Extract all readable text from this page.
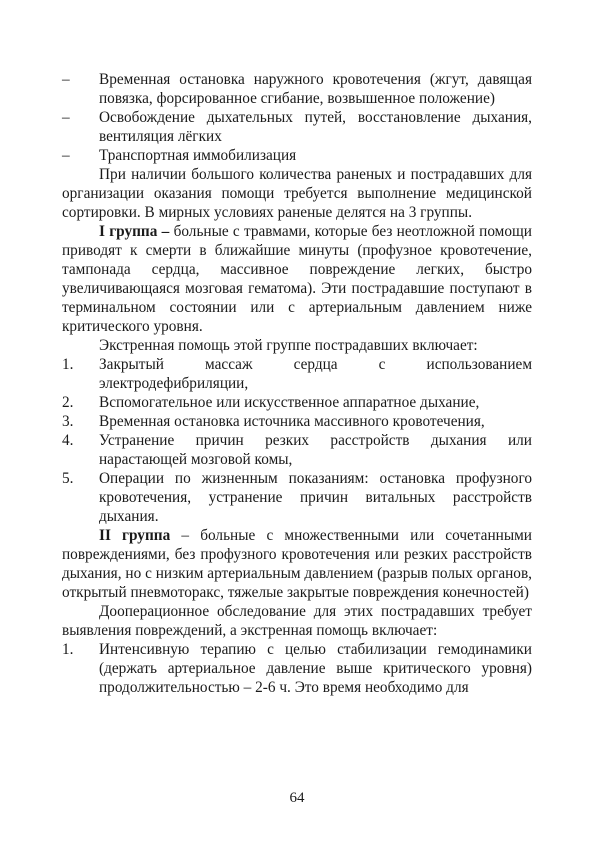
– Временная остановка наружного кровотечения (жгут, давящая повязка, форсированное сгибание, возвышенное положение)
– Освобождение дыхательных путей, восстановление дыхания, вентиляция лёгких
– Транспортная иммобилизация
При наличии большого количества раненых и пострадавших для организации оказания помощи требуется выполнение медицинской сортировки. В мирных условиях раненые делятся на 3 группы.
I группа – больные с травмами, которые без неотложной помощи приводят к смерти в ближайшие минуты (профузное кровотечение, тампонада сердца, массивное повреждение легких, быстро увеличивающаяся мозговая гематома). Эти пострадавшие поступают в терминальном состоянии или с артериальным давлением ниже критического уровня.
Экстренная помощь этой группе пострадавших включает:
1. Закрытый массаж сердца с использованием электродефибриляции,
2. Вспомогательное или искусственное аппаратное дыхание,
3. Временная остановка источника массивного кровотечения,
4. Устранение причин резких расстройств дыхания или нарастающей мозговой комы,
5. Операции по жизненным показаниям: остановка профузного кровотечения, устранение причин витальных расстройств дыхания.
II группа – больные с множественными или сочетанными повреждениями, без профузного кровотечения или резких расстройств дыхания, но с низким артериальным давлением (разрыв полых органов, открытый пневмоторакс, тяжелые закрытые повреждения конечностей)
Дооперационное обследование для этих пострадавших требует выявления повреждений, а экстренная помощь включает:
1. Интенсивную терапию с целью стабилизации гемодинамики (держать артериальное давление выше критического уровня) продолжительностью – 2-6 ч. Это время необходимо для
64
